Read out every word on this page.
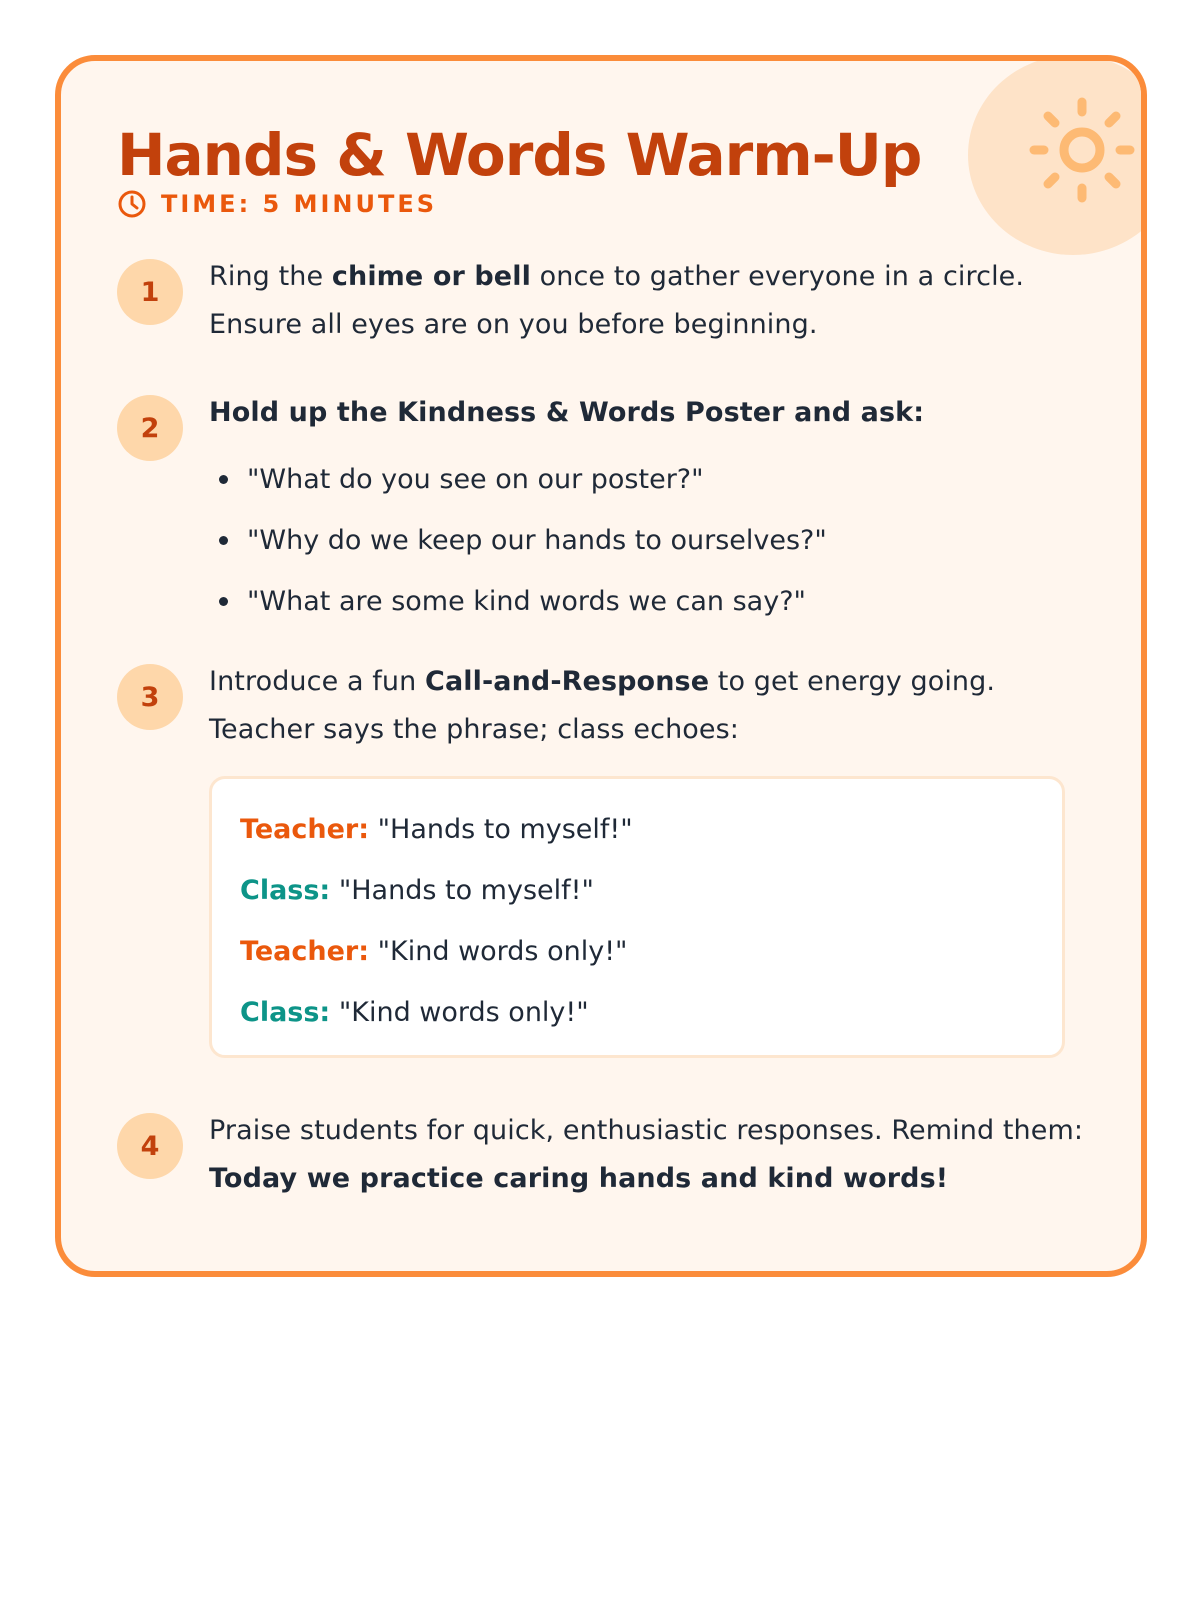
Hands & Words Warm-Up
TIME: 5 MINUTES
1	Ring the chime or bell once to gather everyone in a circle. Ensure all eyes are on you before beginning.

2	Hold up the Kindness & Words Poster and ask:

"What do you see on our poster?"
"Why do we keep our hands to ourselves?"
"What are some kind words we can say?"
3	Introduce a fun Call-and-Response to get energy going. Teacher says the phrase; class echoes:

Teacher: "Hands to myself!"
Class: "Hands to myself!"
Teacher: "Kind words only!"
Class: "Kind words only!"
4	Praise students for quick, enthusiastic responses. Remind them:
Today we practice caring hands and kind words!
